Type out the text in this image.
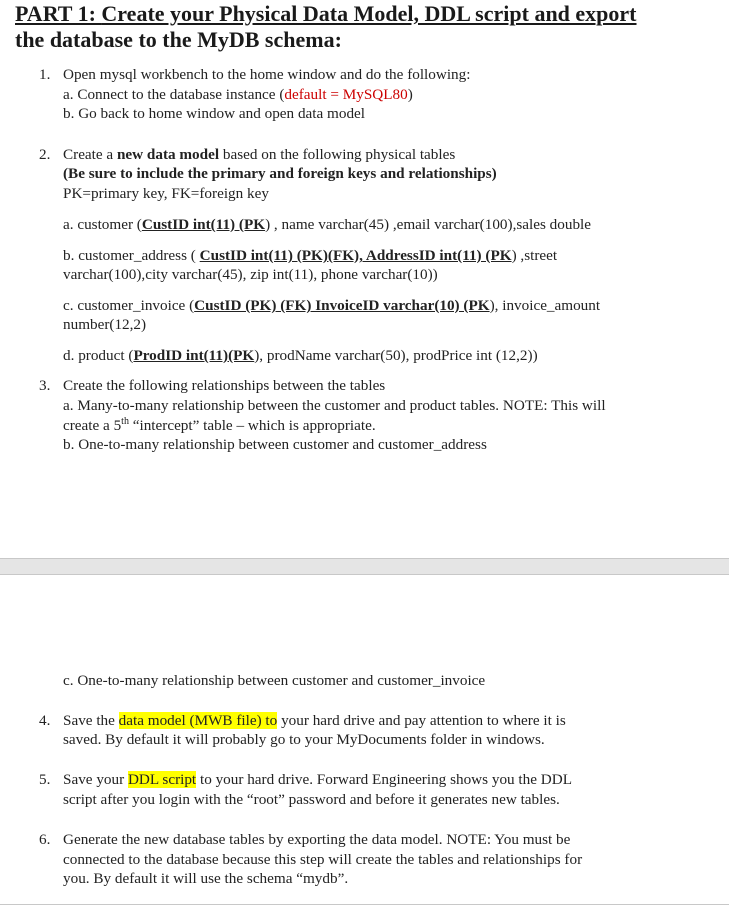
PART 1: Create your Physical Data Model, DDL script and export
the database to the MyDB schema:
1. Open mysql workbench to the home window and do the following:
a. Connect to the database instance (default = MySQL80)
b. Go back to home window and open data model
2. Create a new data model based on the following physical tables
(Be sure to include the primary and foreign keys and relationships)
PK=primary key, FK=foreign key
a. customer (CustID int(11) (PK) , name varchar(45) ,email varchar(100),sales double
b. customer_address ( CustID int(11) (PK)(FK), AddressID int(11) (PK) ,street
varchar(100),city varchar(45), zip int(11), phone varchar(10))
c. customer_invoice (CustID (PK) (FK) InvoiceID varchar(10) (PK), invoice_amount
number(12,2)
d. product (ProdID int(11)(PK), prodName varchar(50), prodPrice int (12,2))
3. Create the following relationships between the tables
a. Many-to-many relationship between the customer and product tables. NOTE: This will
create a 5th “intercept” table – which is appropriate.
b. One-to-many relationship between customer and customer_address
c. One-to-many relationship between customer and customer_invoice
4. Save the data model (MWB file) to your hard drive and pay attention to where it is
saved. By default it will probably go to your MyDocuments folder in windows.
5. Save your DDL script to your hard drive. Forward Engineering shows you the DDL
script after you login with the “root” password and before it generates new tables.
6. Generate the new database tables by exporting the data model. NOTE: You must be
connected to the database because this step will create the tables and relationships for
you. By default it will use the schema “mydb”.
